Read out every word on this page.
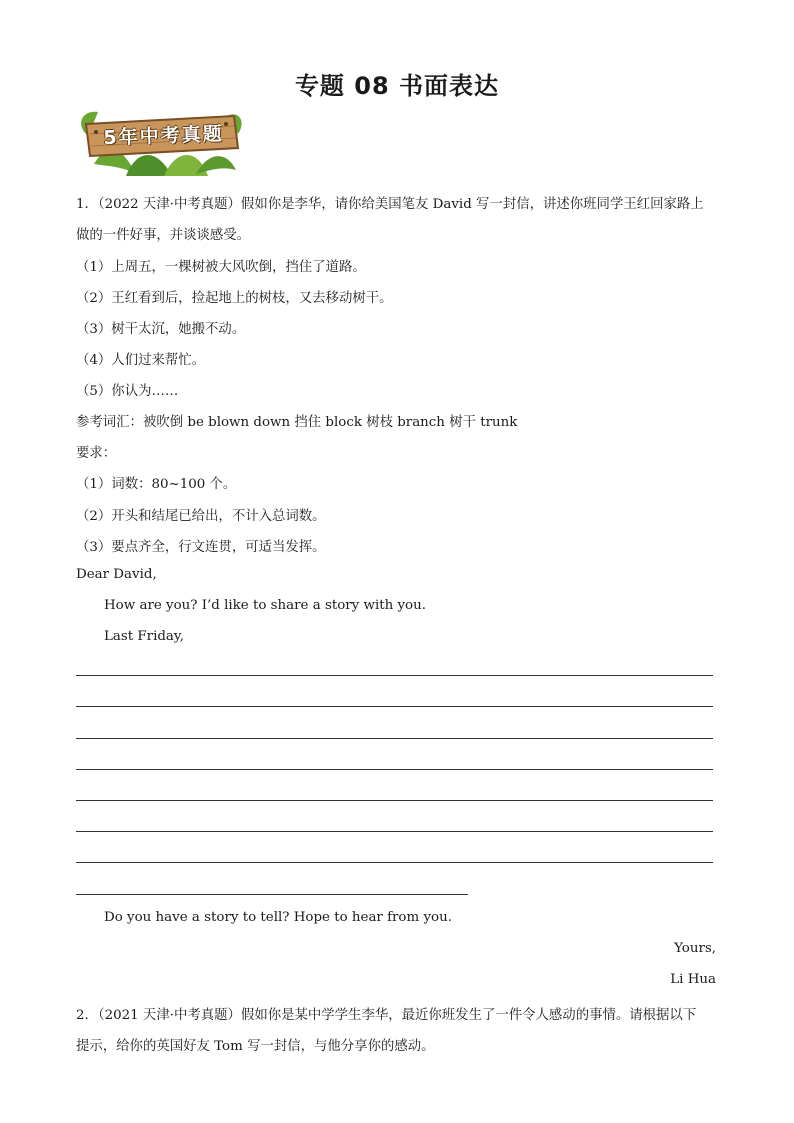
专题 08 书面表达
5年中考真题
1．（2022 天津·中考真题）假如你是李华，请你给美国笔友 David 写一封信，讲述你班同学王红回家路上
做的一件好事，并谈谈感受。
（1）上周五，一棵树被大风吹倒，挡住了道路。
（2）王红看到后，捡起地上的树枝，又去移动树干。
（3）树干太沉，她搬不动。
（4）人们过来帮忙。
（5）你认为……
参考词汇：被吹倒 be blown down 挡住 block 树枝 branch 树干 trunk
要求：
（1）词数：80~100 个。
（2）开头和结尾已给出，不计入总词数。
（3）要点齐全，行文连贯，可适当发挥。
Dear David,
How are you? I’d like to share a story with you.
Last Friday,
Do you have a story to tell? Hope to hear from you.
Yours,
Li Hua
2．（2021 天津·中考真题）假如你是某中学学生李华，最近你班发生了一件令人感动的事情。请根据以下
提示，给你的英国好友 Tom 写一封信，与他分享你的感动。
